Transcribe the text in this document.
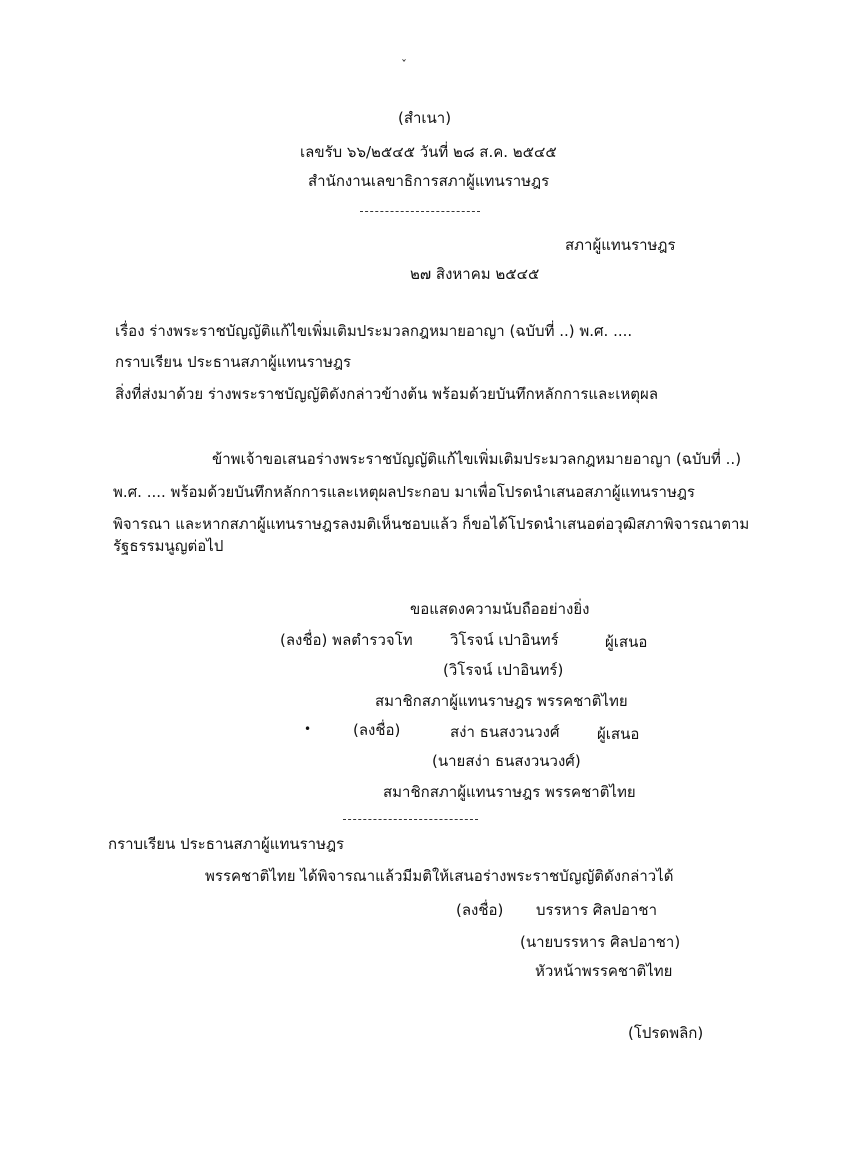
ˇ
(สำเนา)
เลขรับ ๖๖/๒๕๔๕ วันที่ ๒๘ ส.ค. ๒๕๔๕
สำนักงานเลขาธิการสภาผู้แทนราษฎร
สภาผู้แทนราษฎร
๒๗ สิงหาคม ๒๕๔๕
เรื่อง ร่างพระราชบัญญัติแก้ไขเพิ่มเติมประมวลกฎหมายอาญา (ฉบับที่ ..) พ.ศ. ....
กราบเรียน ประธานสภาผู้แทนราษฎร
สิ่งที่ส่งมาด้วย ร่างพระราชบัญญัติดังกล่าวข้างต้น พร้อมด้วยบันทึกหลักการและเหตุผล
ข้าพเจ้าขอเสนอร่างพระราชบัญญัติแก้ไขเพิ่มเติมประมวลกฎหมายอาญา (ฉบับที่ ..)
พ.ศ. .... พร้อมด้วยบันทึกหลักการและเหตุผลประกอบ มาเพื่อโปรดนำเสนอสภาผู้แทนราษฎร
พิจารณา และหากสภาผู้แทนราษฎรลงมติเห็นชอบแล้ว ก็ขอได้โปรดนำเสนอต่อวุฒิสภาพิจารณาตาม
รัฐธรรมนูญต่อไป
ขอแสดงความนับถืออย่างยิ่ง
(ลงชื่อ) พลตำรวจโท วิโรจน์ เปาอินทร์	ผู้เสนอ
(วิโรจน์ เปาอินทร์)
สมาชิกสภาผู้แทนราษฎร พรรคชาติไทย
•	(ลงชื่อ)	สง่า ธนสงวนวงศ์ ผู้เสนอ
(นายสง่า ธนสงวนวงศ์)
สมาชิกสภาผู้แทนราษฎร พรรคชาติไทย
กราบเรียน ประธานสภาผู้แทนราษฎร
พรรคชาติไทย ได้พิจารณาแล้วมีมติให้เสนอร่างพระราชบัญญัติดังกล่าวได้
(ลงชื่อ) บรรหาร ศิลปอาชา
(นายบรรหาร ศิลปอาชา)
หัวหน้าพรรคชาติไทย
(โปรดพลิก)
